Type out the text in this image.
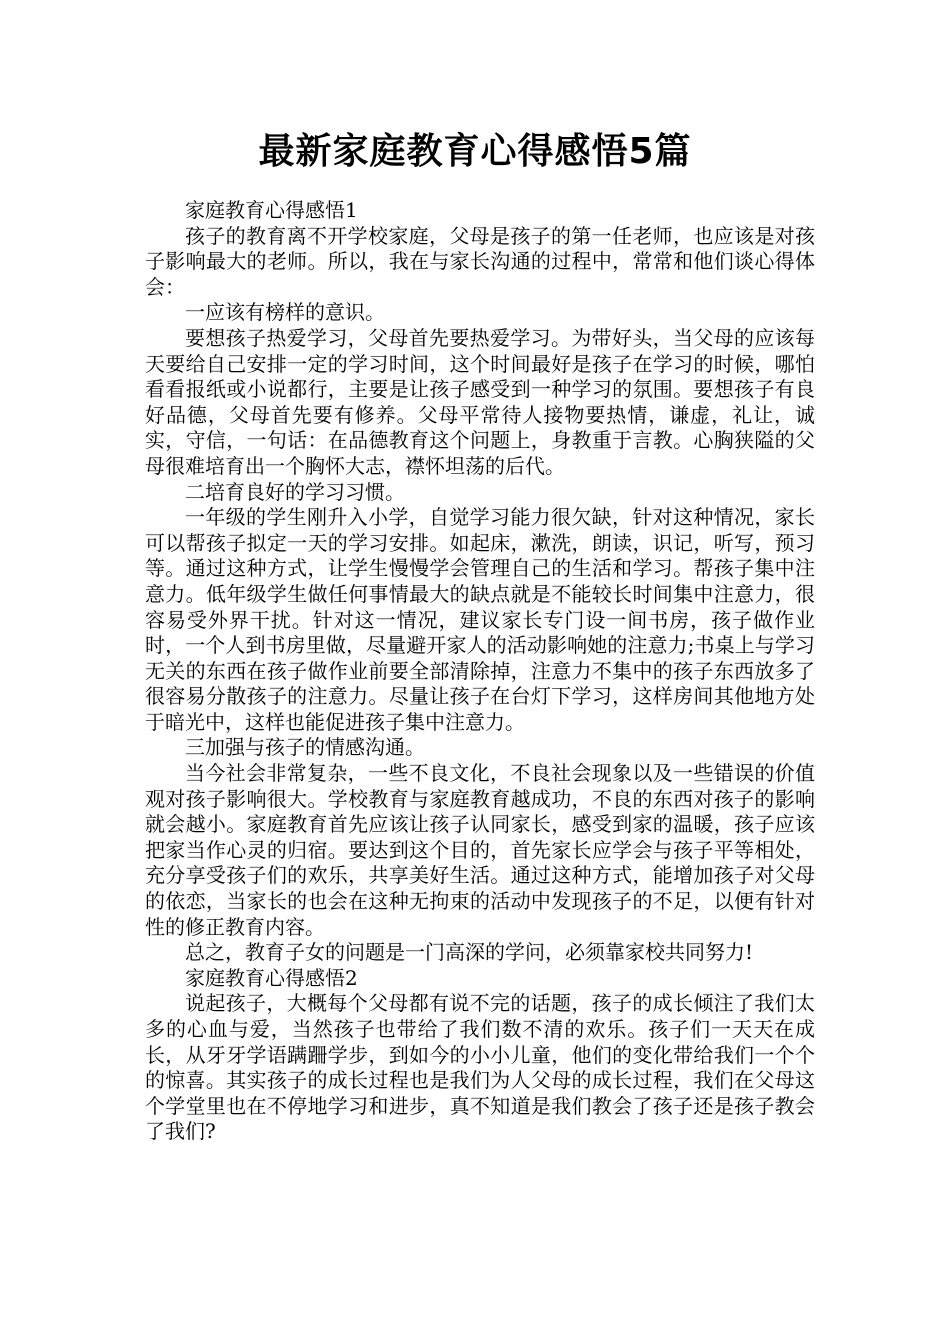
最新家庭教育心得感悟5篇

家庭教育心得感悟1

孩子的教育离不开学校家庭，父母是孩子的第一任老师，也应该是对孩子影响最大的老师。所以，我在与家长沟通的过程中，常常和他们谈心得体会：

一应该有榜样的意识。

要想孩子热爱学习，父母首先要热爱学习。为带好头，当父母的应该每天要给自己安排一定的学习时间，这个时间最好是孩子在学习的时候，哪怕看看报纸或小说都行，主要是让孩子感受到一种学习的氛围。要想孩子有良好品德，父母首先要有修养。父母平常待人接物要热情，谦虚，礼让，诚实，守信，一句话：在品德教育这个问题上，身教重于言教。心胸狭隘的父母很难培育出一个胸怀大志，襟怀坦荡的后代。

二培育良好的学习习惯。

一年级的学生刚升入小学，自觉学习能力很欠缺，针对这种情况，家长可以帮孩子拟定一天的学习安排。如起床，漱洗，朗读，识记，听写，预习等。通过这种方式，让学生慢慢学会管理自己的生活和学习。帮孩子集中注意力。低年级学生做任何事情最大的缺点就是不能较长时间集中注意力，很容易受外界干扰。针对这一情况，建议家长专门设一间书房，孩子做作业时，一个人到书房里做，尽量避开家人的活动影响她的注意力;书桌上与学习无关的东西在孩子做作业前要全部清除掉，注意力不集中的孩子东西放多了很容易分散孩子的注意力。尽量让孩子在台灯下学习，这样房间其他地方处于暗光中，这样也能促进孩子集中注意力。

三加强与孩子的情感沟通。

当今社会非常复杂，一些不良文化，不良社会现象以及一些错误的价值观对孩子影响很大。学校教育与家庭教育越成功，不良的东西对孩子的影响就会越小。家庭教育首先应该让孩子认同家长，感受到家的温暖，孩子应该把家当作心灵的归宿。要达到这个目的，首先家长应学会与孩子平等相处，充分享受孩子们的欢乐，共享美好生活。通过这种方式，能增加孩子对父母的依恋，当家长的也会在这种无拘束的活动中发现孩子的不足，以便有针对性的修正教育内容。

总之，教育子女的问题是一门高深的学问，必须靠家校共同努力!

家庭教育心得感悟2

说起孩子，大概每个父母都有说不完的话题，孩子的成长倾注了我们太多的心血与爱，当然孩子也带给了我们数不清的欢乐。孩子们一天天在成长，从牙牙学语蹒跚学步，到如今的小小儿童，他们的变化带给我们一个个的惊喜。其实孩子的成长过程也是我们为人父母的成长过程，我们在父母这个学堂里也在不停地学习和进步，真不知道是我们教会了孩子还是孩子教会了我们?
